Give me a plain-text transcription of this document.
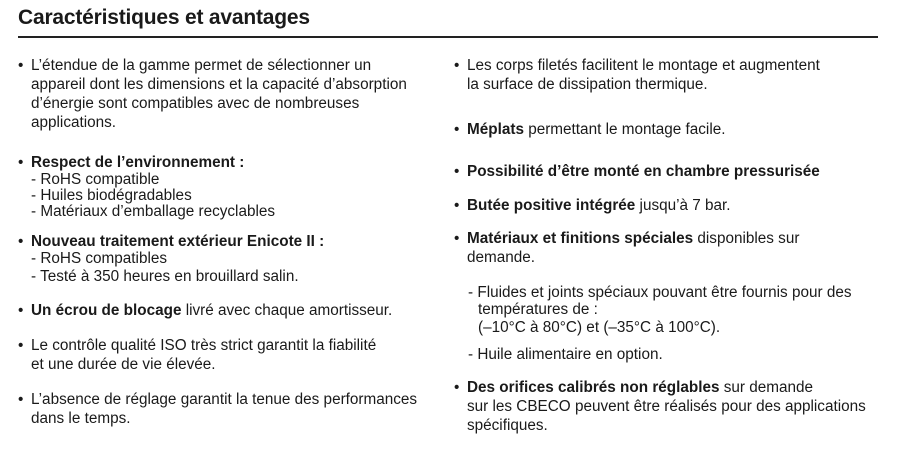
Caractéristiques et avantages
• L’étendue de la gamme permet de sélectionner un
appareil dont les dimensions et la capacité d’absorption
d’énergie sont compatibles avec de nombreuses
applications.
• Respect de l’environnement :
- RoHS compatible
- Huiles biodégradables
- Matériaux d’emballage recyclables
• Nouveau traitement extérieur Enicote II :
- RoHS compatibles
- Testé à 350 heures en brouillard salin.
• Un écrou de blocage livré avec chaque amortisseur.
• Le contrôle qualité ISO très strict garantit la fiabilité
et une durée de vie élevée.
• L’absence de réglage garantit la tenue des performances
dans le temps.
• Les corps filetés facilitent le montage et augmentent
la surface de dissipation thermique.
• Méplats permettant le montage facile.
• Possibilité d’être monté en chambre pressurisée
• Butée positive intégrée jusqu’à 7 bar.
• Matériaux et finitions spéciales disponibles sur
demande.
- Fluides et joints spéciaux pouvant être fournis pour des
températures de :
(–10°C à 80°C) et (–35°C à 100°C).
- Huile alimentaire en option.
• Des orifices calibrés non réglables sur demande
sur les CBECO peuvent être réalisés pour des applications
spécifiques.
